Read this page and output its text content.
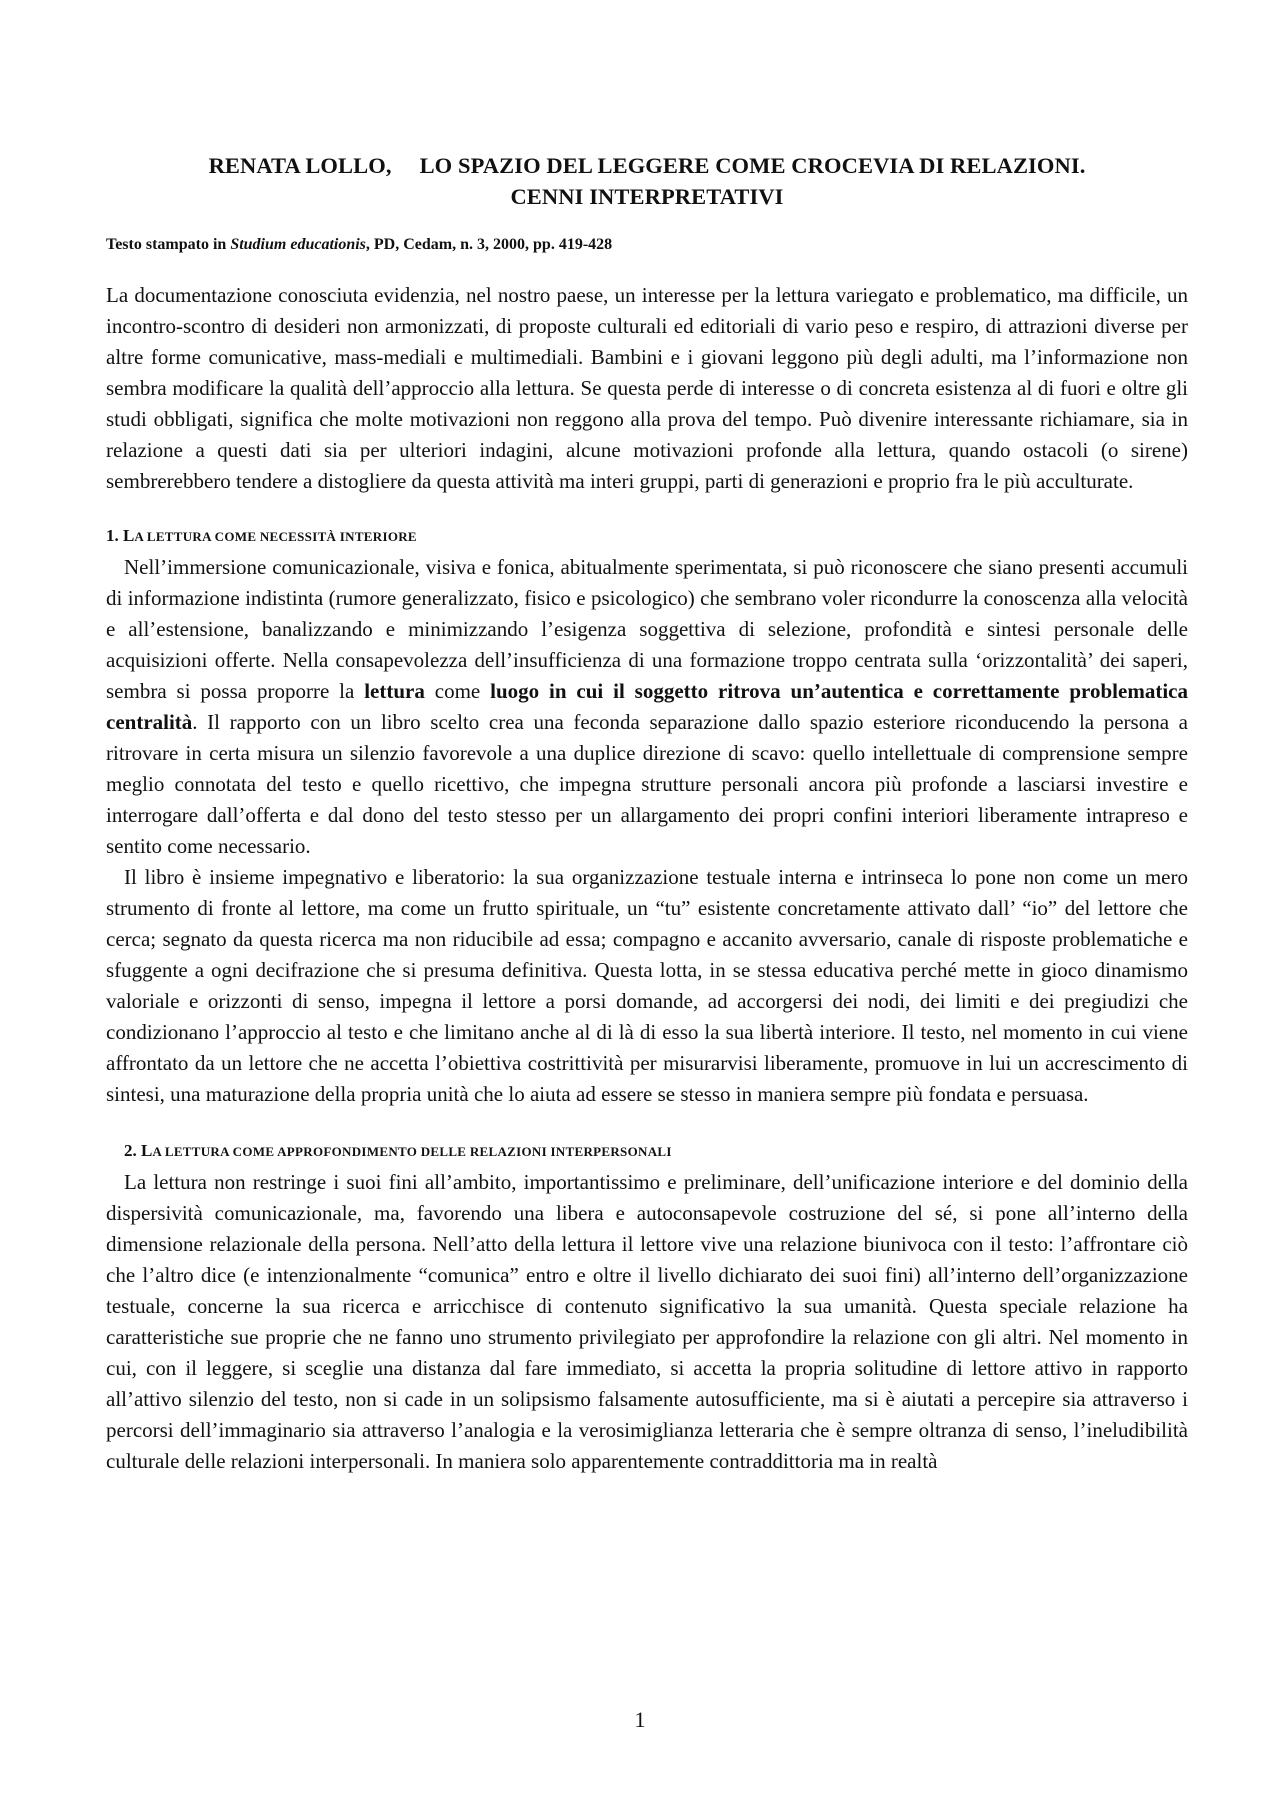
RENATA LOLLO, LO SPAZIO DEL LEGGERE COME CROCEVIA DI RELAZIONI.
CENNI INTERPRETATIVI
Testo stampato in Studium educationis, PD, Cedam, n. 3, 2000, pp. 419-428

La documentazione conosciuta evidenzia, nel nostro paese, un interesse per la lettura variegato e problematico, ma difficile, un incontro-scontro di desideri non armonizzati, di proposte culturali ed editoriali di vario peso e respiro, di attrazioni diverse per altre forme comunicative, mass-mediali e multimediali. Bambini e i giovani leggono più degli adulti, ma l’informazione non sembra modificare la qualità dell’approccio alla lettura. Se questa perde di interesse o di concreta esistenza al di fuori e oltre gli studi obbligati, significa che molte motivazioni non reggono alla prova del tempo. Può divenire interessante richiamare, sia in relazione a questi dati sia per ulteriori indagini, alcune motivazioni profonde alla lettura, quando ostacoli (o sirene) sembrerebbero tendere a distogliere da questa attività ma interi gruppi, parti di generazioni e proprio fra le più acculturate.

1. LA LETTURA COME NECESSITÀ INTERIORE

Nell’immersione comunicazionale, visiva e fonica, abitualmente sperimentata, si può riconoscere che siano presenti accumuli di informazione indistinta (rumore generalizzato, fisico e psicologico) che sembrano voler ricondurre la conoscenza alla velocità e all’estensione, banalizzando e minimizzando l’esigenza soggettiva di selezione, profondità e sintesi personale delle acquisizioni offerte. Nella consapevolezza dell’insufficienza di una formazione troppo centrata sulla ‘orizzontalità’ dei saperi, sembra si possa proporre la lettura come luogo in cui il soggetto ritrova un’autentica e correttamente problematica centralità. Il rapporto con un libro scelto crea una feconda separazione dallo spazio esteriore riconducendo la persona a ritrovare in certa misura un silenzio favorevole a una duplice direzione di scavo: quello intellettuale di comprensione sempre meglio connotata del testo e quello ricettivo, che impegna strutture personali ancora più profonde a lasciarsi investire e interrogare dall’offerta e dal dono del testo stesso per un allargamento dei propri confini interiori liberamente intrapreso e sentito come necessario.

Il libro è insieme impegnativo e liberatorio: la sua organizzazione testuale interna e intrinseca lo pone non come un mero strumento di fronte al lettore, ma come un frutto spirituale, un “tu” esistente concretamente attivato dall’ “io” del lettore che cerca; segnato da questa ricerca ma non riducibile ad essa; compagno e accanito avversario, canale di risposte problematiche e sfuggente a ogni decifrazione che si presuma definitiva. Questa lotta, in se stessa educativa perché mette in gioco dinamismo valoriale e orizzonti di senso, impegna il lettore a porsi domande, ad accorgersi dei nodi, dei limiti e dei pregiudizi che condizionano l’approccio al testo e che limitano anche al di là di esso la sua libertà interiore. Il testo, nel momento in cui viene affrontato da un lettore che ne accetta l’obiettiva costrittività per misurarvisi liberamente, promuove in lui un accrescimento di sintesi, una maturazione della propria unità che lo aiuta ad essere se stesso in maniera sempre più fondata e persuasa.

2. LA LETTURA COME APPROFONDIMENTO DELLE RELAZIONI INTERPERSONALI

La lettura non restringe i suoi fini all’ambito, importantissimo e preliminare, dell’unificazione interiore e del dominio della dispersività comunicazionale, ma, favorendo una libera e autoconsapevole costruzione del sé, si pone all’interno della dimensione relazionale della persona. Nell’atto della lettura il lettore vive una relazione biunivoca con il testo: l’affrontare ciò che l’altro dice (e intenzionalmente “comunica” entro e oltre il livello dichiarato dei suoi fini) all’interno dell’organizzazione testuale, concerne la sua ricerca e arricchisce di contenuto significativo la sua umanità. Questa speciale relazione ha caratteristiche sue proprie che ne fanno uno strumento privilegiato per approfondire la relazione con gli altri. Nel momento in cui, con il leggere, si sceglie una distanza dal fare immediato, si accetta la propria solitudine di lettore attivo in rapporto all’attivo silenzio del testo, non si cade in un solipsismo falsamente autosufficiente, ma si è aiutati a percepire sia attraverso i percorsi dell’immaginario sia attraverso l’analogia e la verosimiglianza letteraria che è sempre oltranza di senso, l’ineludibilità culturale delle relazioni interpersonali. In maniera solo apparentemente contraddittoria ma in realtà

1
